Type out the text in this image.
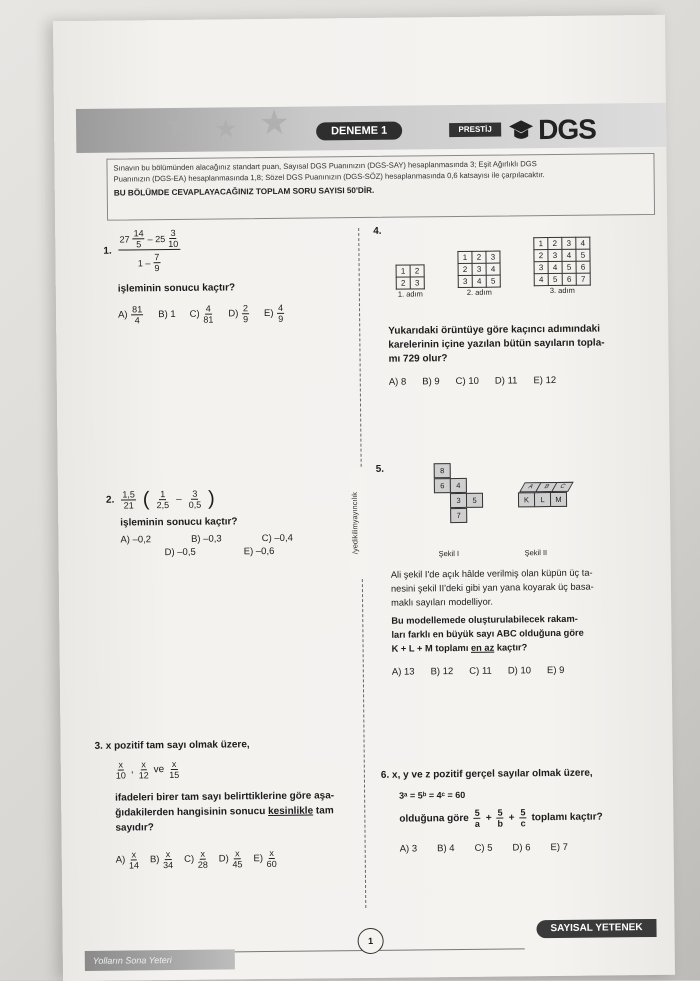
★ ★ ★	DENEME 1	PRESTİJ	DGS
Sınavın bu bölümünden alacağınız standart puan, Sayısal DGS Puanınızın (DGS-SAY) hesaplanmasında 3; Eşit Ağırlıklı DGS
Puanınızın (DGS-EA) hesaplanmasında 1,8; Sözel DGS Puanınızın (DGS-SÖZ) hesaplanmasında 0,6 katsayısı ile çarpılacaktır.
BU BÖLÜMDE CEVAPLAYACAĞINIZ TOPLAM SORU SAYISI 50'DİR.
/yedikilimyayıncılık
1. $\frac{27 \frac{14}{5} - 25 \frac{3}{10}}{1 - \frac{7}{9}}$
işleminin sonucu kaçtır?
$A) \frac{81}{4} B$) 1 $C) \frac{4}{81} D) \frac{2}{9} E) \frac{4}{9}$
2. $\frac{1,5}{21}$ ( $\frac{1}{2,5} - \frac{3}{0,5}$ )
işleminin sonucu kaçtır?
A) –0,2	B) –0,3	C) –0,4
D) –0,5	E) –0,6
3. x pozitif tam sayı olmak üzere,
$\frac{x}{10}$ , $\frac{x}{12}$ ve $\frac{x}{15}$
ifadeleri birer tam sayı belirttiklerine göre aşa-
ğıdakilerden hangisinin sonucu kesinlikle tam
sayıdır?
$A) \frac{x}{14} B) \frac{x}{34} C) \frac{x}{28} D) \frac{x}{45} E) \frac{x}{60}$
4.
1	2
2	3
1. adım
1	2	3
2	3	4
3	4	5
2. adım
1	2	3	4
2	3	4	5
3	4	5	6
4	5	6	7
3. adım
Yukarıdaki örüntüye göre kaçıncı adımındaki
karelerinin içine yazılan bütün sayıların topla-
mı 729 olur?
A) 8 B) 9 C) 10 D) 11 E) 12
5.	8
6	4
3	5
7
A	B	C
K	L	M
Şekil I	Şekil II
Ali şekil I'de açık hâlde verilmiş olan küpün üç ta-
nesini şekil II'deki gibi yan yana koyarak üç basa-
maklı sayıları modelliyor.
Bu modellemede oluşturulabilecek rakam-
ları farklı en büyük sayı ABC olduğuna göre
K + L + M toplamı en az kaçtır?
A) 13 B) 12 C) 11 D) 10 E) 9
6. x, y ve z pozitif gerçel sayılar olmak üzere,
3ᵃ = 5ᵇ = 4ᶜ = 60
olduğuna göre $\frac{5}{a} + \frac{5}{b} + \frac{5}{c}$ toplamı kaçtır?
A) 3 B) 4 C) 5 D) 6 E) 7
Yolların Sona Yeteri
1
SAYISAL YETENEK
